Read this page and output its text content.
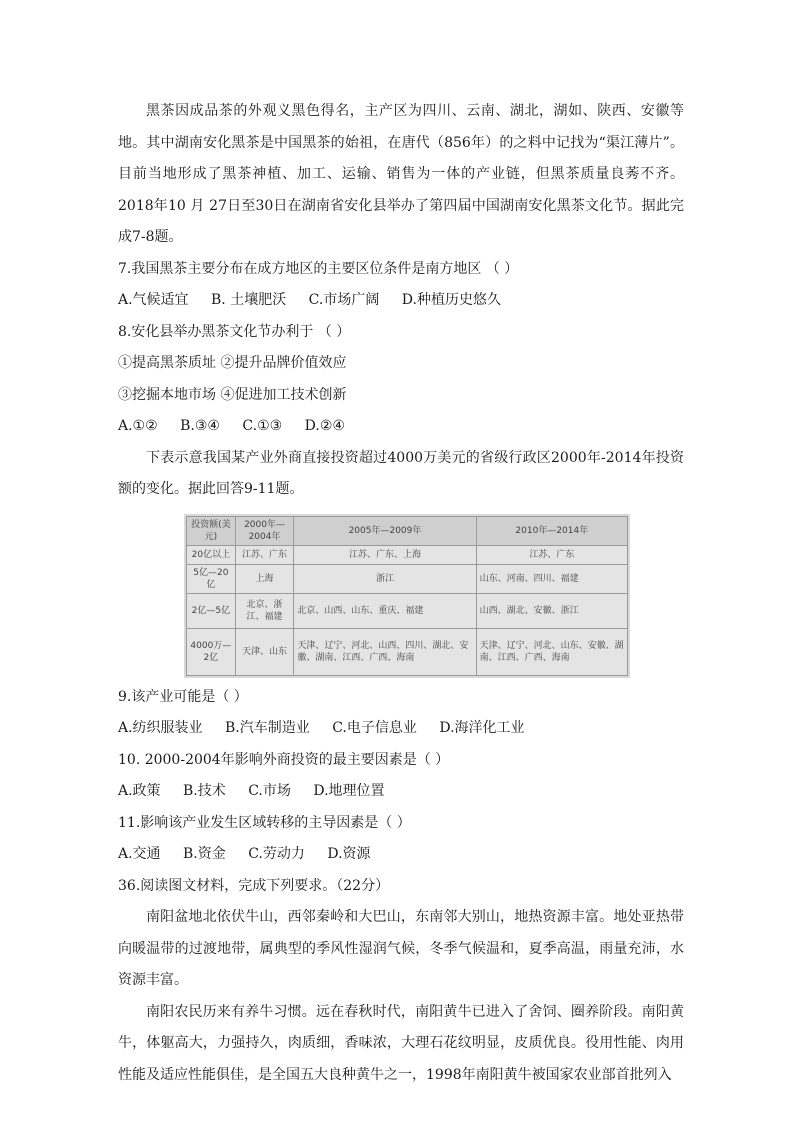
黑茶因成品茶的外观义黑色得名，主产区为四川、云南、湖北，湖如、陕西、安徽等地。其中湖南安化黑茶是中国黑茶的始祖，在唐代（856年）的之料中记找为“渠江薄片”。目前当地形成了黑茶神植、加工、运输、销售为一体的产业链，但黑茶质量良莠不齐。2018年10 月 27日至30日在湖南省安化县举办了第四届中国湖南安化黑茶文化节。据此完成7-8题。

7.我国黑茶主要分布在成方地区的主要区位条件是南方地区 （ ）

A.气候适宜 B. 土壤肥沃 C.市场广阔 D.种植历史悠久

8.安化县举办黑茶文化节办利于 （ ）

①提高黑茶质址 ②提升品牌价值效应

③挖掘本地市场 ④促进加工技术创新

A.①② B.③④ C.①③ D.②④

下表示意我国某产业外商直接投资超过4000万美元的省级行政区2000年-2014年投资额的变化。据此回答9-11题。

投资额(美元)	2000年—2004年	2005年—2009年	2010年—2014年
20亿以上	江苏、广东	江苏、广东、上海	江苏、广东
5亿—20亿	上海	浙江	山东、河南、四川、福建
2亿—5亿	北京、浙江、福建	北京、山西、山东、重庆、福建	山西、湖北、安徽、浙江
4000万—2亿	天津、山东	天津、辽宁、河北、山西、四川、湖北、安徽、湖南、江西、广西、海南	天津、辽宁、河北、山东、安徽、湖南、江西、广西、海南

9.该产业可能是（ ）

A.纺织服装业 B.汽车制造业 C.电子信息业 D.海洋化工业

10. 2000-2004年影响外商投资的最主要因素是（ ）

A.政策 B.技术 C.市场 D.地理位置

11.影响该产业发生区域转移的主导因素是（ ）

A.交通 B.资金 C.劳动力 D.资源

36.阅读图文材料，完成下列要求。（22分）

南阳盆地北依伏牛山，西邻秦岭和大巴山，东南邻大别山，地热资源丰富。地处亚热带向暖温带的过渡地带，属典型的季风性湿润气候，冬季气候温和，夏季高温，雨量充沛，水资源丰富。

南阳农民历来有养牛习惯。远在春秋时代，南阳黄牛已进入了舍饲、圈养阶段。南阳黄牛，体躯高大，力强持久，肉质细，香味浓，大理石花纹明显，皮质优良。役用性能、肉用性能及适应性能俱佳，是全国五大良种黄牛之一，1998年南阳黄牛被国家农业部首批列入
